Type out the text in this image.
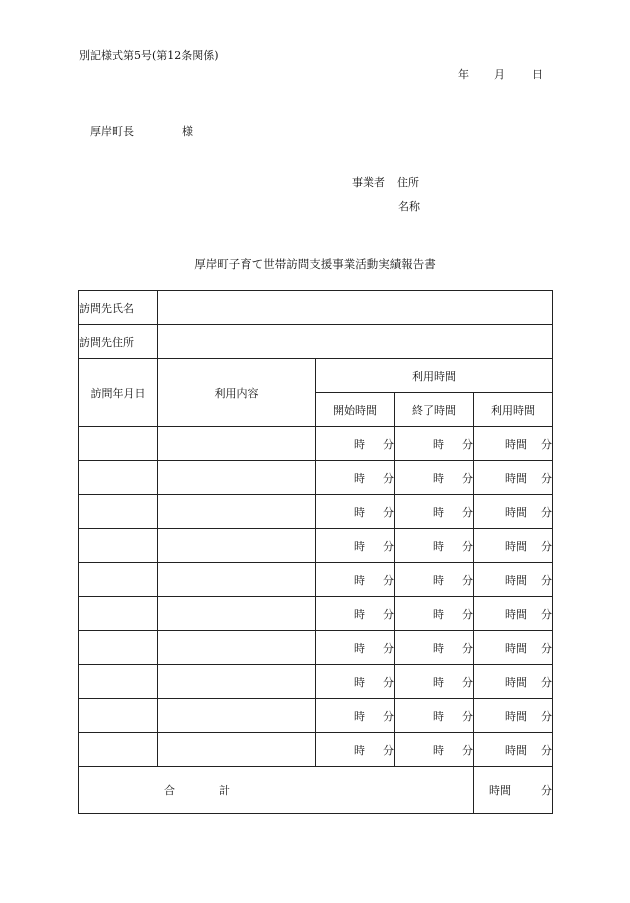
別記様式第5号(第12条関係)
年 月 日
厚岸町長	様
事業者 住所
名称
厚岸町子育て世帯訪問支援事業活動実績報告書
訪問先氏名				
訪問先住所				
訪問年月日	利用内容	利用時間		
		開始時間	終了時間	利用時間
		時 分	時 分	時間 分
		時 分	時 分	時間 分
		時 分	時 分	時間 分
		時 分	時 分	時間 分
		時 分	時 分	時間 分
		時 分	時 分	時間 分
		時 分	時 分	時間 分
		時 分	時 分	時間 分
		時 分	時 分	時間 分
		時 分	時 分	時間 分
合 計				時間 分
